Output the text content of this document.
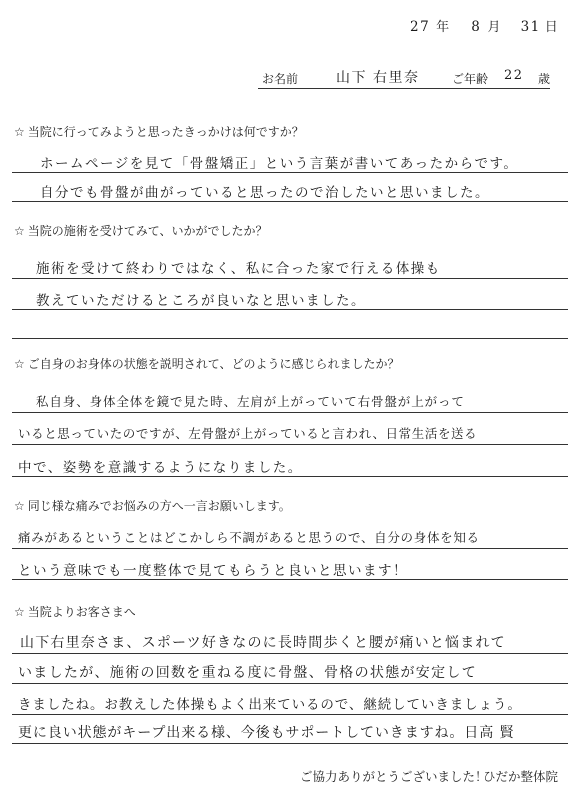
27 年 8 月 31 日
お名前	山下 右里奈	ご年齢 22 歳
☆ 当院に行ってみようと思ったきっかけは何ですか？
ホームページを見て「骨盤矯正」という言葉が書いてあったからです。
自分でも骨盤が曲がっていると思ったので治したいと思いました。
☆ 当院の施術を受けてみて、いかがでしたか？
施術を受けて終わりではなく、私に合った家で行える体操も
教えていただけるところが良いなと思いました。
☆ ご自身のお身体の状態を説明されて、どのように感じられましたか？
私自身、身体全体を鏡で見た時、左肩が上がっていて右骨盤が上がって
いると思っていたのですが、左骨盤が上がっていると言われ、日常生活を送る
中で、姿勢を意識するようになりました。
☆ 同じ様な痛みでお悩みの方へ一言お願いします。
痛みがあるということはどこかしら不調があると思うので、自分の身体を知る
という意味でも一度整体で見てもらうと良いと思います！
☆ 当院よりお客さまへ
山下右里奈さま、スポーツ好きなのに長時間歩くと腰が痛いと悩まれて
いましたが、施術の回数を重ねる度に骨盤、骨格の状態が安定して
きましたね。お教えした体操もよく出来ているので、継続していきましょう。
更に良い状態がキープ出来る様、今後もサポートしていきますね。日高 賢
ご協力ありがとうございました！
ひだか整体院
